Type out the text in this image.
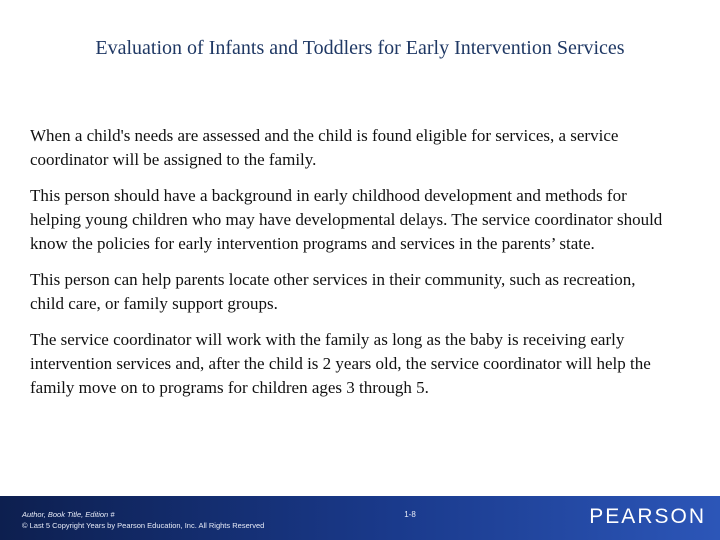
Evaluation of Infants and Toddlers for Early Intervention Services

When a child's needs are assessed and the child is found eligible for services, a service coordinator will be assigned to the family.

This person should have a background in early childhood development and methods for helping young children who may have developmental delays. The service coordinator should know the policies for early intervention programs and services in the parents’ state.

This person can help parents locate other services in their community, such as recreation, child care, or family support groups.

The service coordinator will work with the family as long as the baby is receiving early intervention services and, after the child is 2 years old, the service coordinator will help the family move on to programs for children ages 3 through 5.

Author, Book Title, Edition #
© Last 5 Copyright Years by Pearson Education, Inc. All Rights Reserved
1-8	PEARSON
